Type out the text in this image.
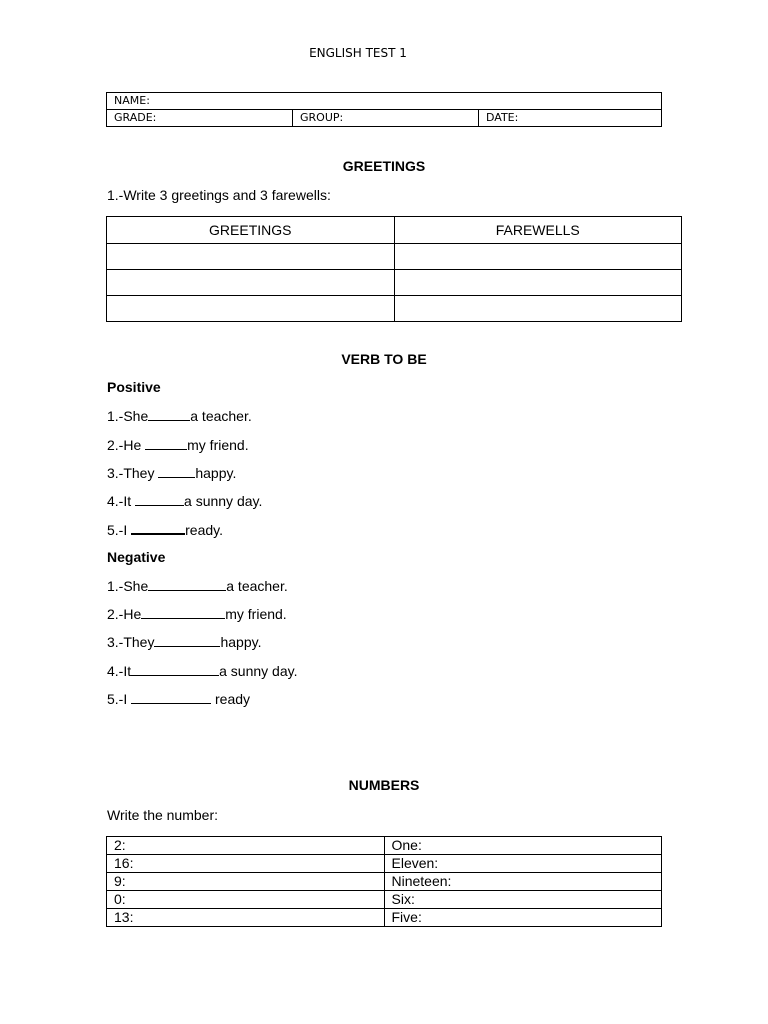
ENGLISH TEST 1
NAME:
GRADE:	GROUP:	DATE:
GREETINGS
1.-Write 3 greetings and 3 farewells:
GREETINGS	FAREWELLS

VERB TO BE
Positive
1.-She	a teacher.
2.-He	my friend.
3.-They	happy.
4.-It	a sunny day.
5.-I	ready.
Negative
1.-She	a teacher.
2.-He	my friend.
3.-They	happy.
4.-It	a sunny day.
5.-I	ready
NUMBERS
Write the number:
2:	One:
16:	Eleven:
9:	Nineteen:
0:	Six:
13:	Five:
